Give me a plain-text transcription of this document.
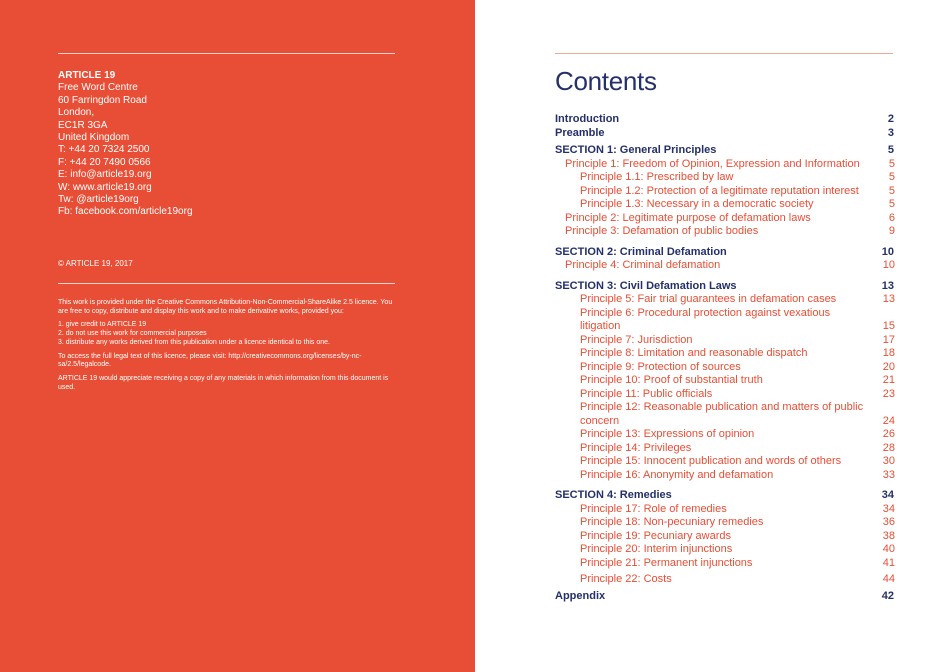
ARTICLE 19
Free Word Centre
60 Farringdon Road
London,
EC1R 3GA
United Kingdom
T: +44 20 7324 2500
F: +44 20 7490 0566
E: info@article19.org
W: www.article19.org
Tw: @article19org
Fb: facebook.com/article19org
© ARTICLE 19, 2017

This work is provided under the Creative Commons Attribution-Non-Commercial-ShareAlike 2.5 licence. You are free to copy, distribute and display this work and to make derivative works, provided you:

1. give credit to ARTICLE 19
2. do not use this work for commercial purposes
3. distribute any works derived from this publication under a licence identical to this one.

To access the full legal text of this licence, please visit: http://creativecommons.org/licenses/by-nc-sa/2.5/legalcode.

ARTICLE 19 would appreciate receiving a copy of any materials in which information from this document is used.

Contents
Introduction	2
Preamble	3
SECTION 1: General Principles	5
Principle 1: Freedom of Opinion, Expression and Information	5
Principle 1.1: Prescribed by law	5
Principle 1.2: Protection of a legitimate reputation interest	5
Principle 1.3: Necessary in a democratic society	5
Principle 2: Legitimate purpose of defamation laws	6
Principle 3: Defamation of public bodies	9
SECTION 2: Criminal Defamation	10
Principle 4: Criminal defamation	10
SECTION 3: Civil Defamation Laws	13
Principle 5: Fair trial guarantees in defamation cases	13
Principle 6: Procedural protection against vexatious litigation	15
Principle 7: Jurisdiction	17
Principle 8: Limitation and reasonable dispatch	18
Principle 9: Protection of sources	20
Principle 10: Proof of substantial truth	21
Principle 11: Public officials	23
Principle 12: Reasonable publication and matters of public concern	24
Principle 13: Expressions of opinion	26
Principle 14: Privileges	28
Principle 15: Innocent publication and words of others	30
Principle 16: Anonymity and defamation	33
SECTION 4: Remedies	34
Principle 17: Role of remedies	34
Principle 18: Non-pecuniary remedies	36
Principle 19: Pecuniary awards	38
Principle 20: Interim injunctions	40
Principle 21: Permanent injunctions	41
Principle 22: Costs	44
Appendix	42
